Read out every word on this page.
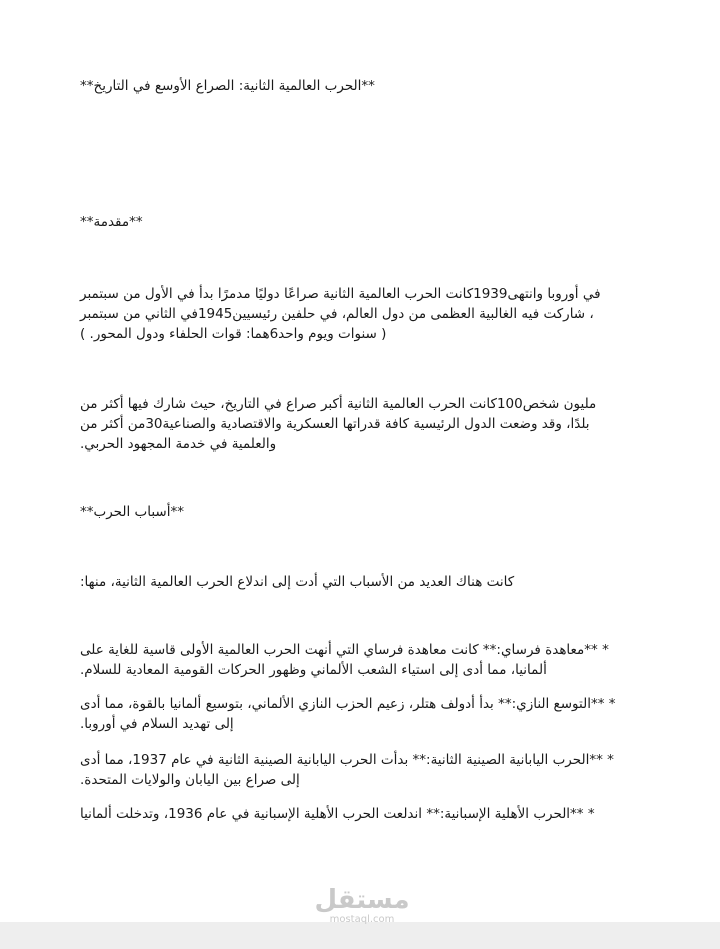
**الحرب العالمية الثانية: الصراع الأوسع في التاريخ**
**مقدمة**
في أوروبا وانتهى1939كانت الحرب العالمية الثانية صراعًا دوليًا مدمرًا بدأ في الأول من سبتمبر
، شاركت فيه الغالبية العظمى من دول العالم، في حلفين رئيسيين1945في الثاني من سبتمبر
( سنوات ويوم واحد6هما: قوات الحلفاء ودول المحور. )
مليون شخص100كانت الحرب العالمية الثانية أكبر صراع في التاريخ، حيث شارك فيها أكثر من
بلدًا، وقد وضعت الدول الرئيسية كافة قدراتها العسكرية والاقتصادية والصناعية30من أكثر من
والعلمية في خدمة المجهود الحربي.
**أسباب الحرب**
كانت هناك العديد من الأسباب التي أدت إلى اندلاع الحرب العالمية الثانية، منها:
* **معاهدة فرساي:** كانت معاهدة فرساي التي أنهت الحرب العالمية الأولى قاسية للغاية على
ألمانيا، مما أدى إلى استياء الشعب الألماني وظهور الحركات القومية المعادية للسلام.
* **التوسع النازي:** بدأ أدولف هتلر، زعيم الحزب النازي الألماني، بتوسيع ألمانيا بالقوة، مما أدى
إلى تهديد السلام في أوروبا.
* **الحرب اليابانية الصينية الثانية:** بدأت الحرب اليابانية الصينية الثانية في عام 1937، مما أدى
إلى صراع بين اليابان والولايات المتحدة.
* **الحرب الأهلية الإسبانية:** اندلعت الحرب الأهلية الإسبانية في عام 1936، وتدخلت ألمانيا
مستقل
mostaql.com
